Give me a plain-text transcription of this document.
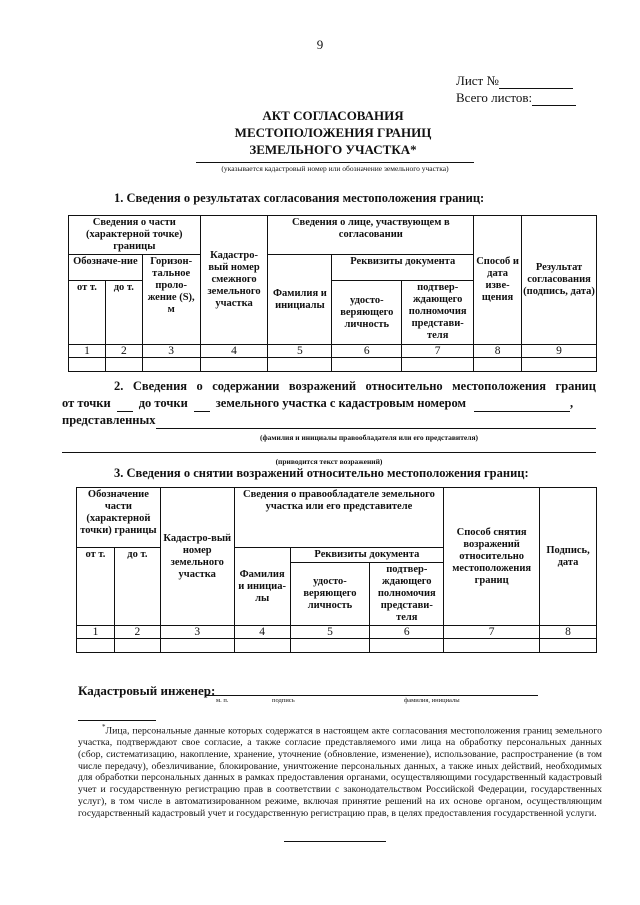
9
Лист №
Всего листов:
АКТ СОГЛАСОВАНИЯ
МЕСТОПОЛОЖЕНИЯ ГРАНИЦ
ЗЕМЕЛЬНОГО УЧАСТКА*
(указывается кадастровый номер или обозначение земельного участка)
1. Сведения о результатах согласования местоположения границ:
Сведения о части (характерной точке) границы			Кадастро-вый номер смежного земельного участка	Сведения о лице, участвующем в согласовании			Способ и дата изве-щения	Результат согласования (подпись, дата)
Обозначе-ние		Горизон-тальное проло-жение (S), м		Фамилия и инициалы	Реквизиты документа			
от т.	до т.				удосто-веряющего личность	подтвер-ждающего полномочия представи-теля		

1	2	3	4	5	6	7	8	9

2. Сведения о содержании возражений относительно местоположения границ
от точки до точки земельного участка с кадастровым номером	,
представленных
(фамилия и инициалы правообладателя или его представителя)
(приводится текст возражений)
3. Сведения о снятии возражений относительно местоположения границ:
Обозначение части (характерной точки) границы		Кадастро-вый номер земельного участка	Сведения о правообладателе земельного участка или его представителе			Способ снятия возражений относительно местоположения границ	Подпись, дата
от т.	до т.		Фамилия и инициа-лы	Реквизиты документа			
				удосто-веряющего личность	подтвер-ждающего полномочия представи-теля		

1	2	3	4	5	6	7	8

Кадастровый инженер:
м. п.	подпись	фамилия, инициалы
*Лица, персональные данные которых содержатся в настоящем акте согласования местоположения границ земельного участка, подтверждают свое согласие, а также согласие представляемого ими лица на обработку персональных данных (сбор, систематизацию, накопление, хранение, уточнение (обновление, изменение), использование, распространение (в том числе передачу), обезличивание, блокирование, уничтожение персональных данных, а также иных действий, необходимых для обработки персональных данных в рамках предоставления органами, осуществляющими государственный кадастровый учет и государственную регистрацию прав в соответствии с законодательством Российской Федерации, государственных услуг), в том числе в автоматизированном режиме, включая принятие решений на их основе органом, осуществляющим государственный кадастровый учет и государственную регистрацию прав, в целях предоставления государственной услуги.
